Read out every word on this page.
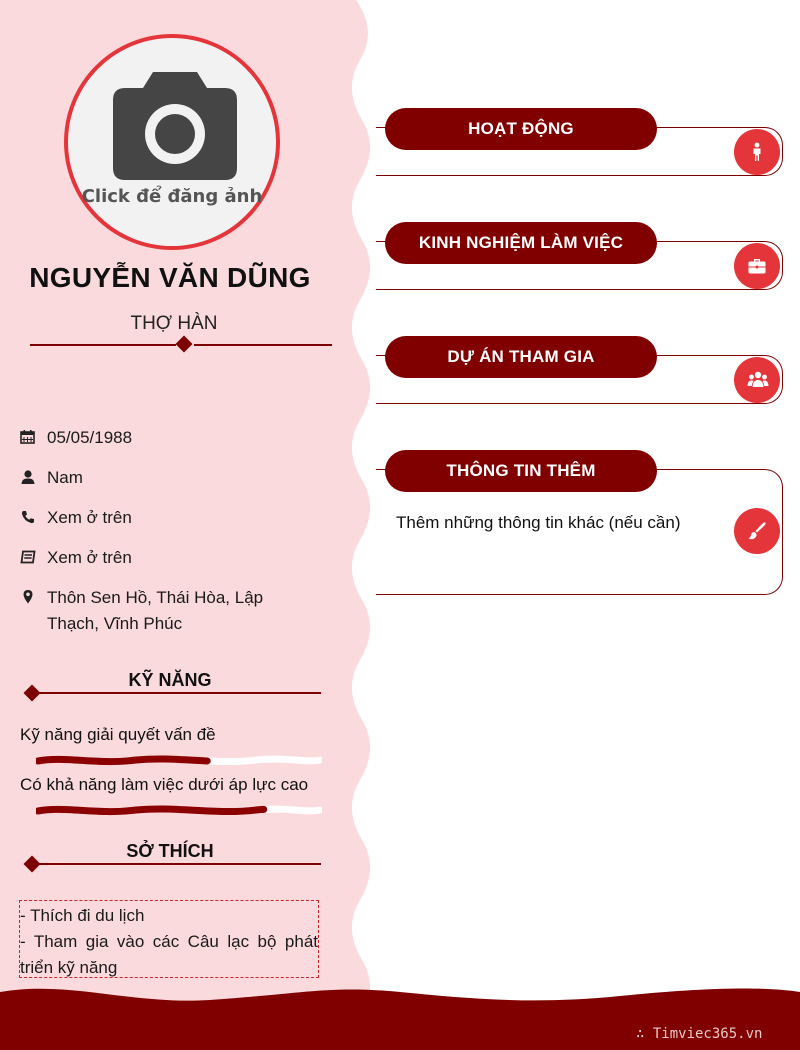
Click để đăng ảnh
NGUYỄN VĂN DŨNG
THỢ HÀN
05/05/1988
Nam
Xem ở trên
Xem ở trên
Thôn Sen Hồ, Thái Hòa, Lập Thạch, Vĩnh Phúc
KỸ NĂNG
Kỹ năng giải quyết vấn đề
Có khả năng làm việc dưới áp lực cao
SỞ THÍCH
- Thích đi du lịch
- Tham gia vào các Câu lạc bộ phát triển kỹ năng
HOẠT ĐỘNG
KINH NGHIỆM LÀM VIỆC
DỰ ÁN THAM GIA
THÔNG TIN THÊM
Thêm những thông tin khác (nếu cần)
∴ Timviec365.vn
